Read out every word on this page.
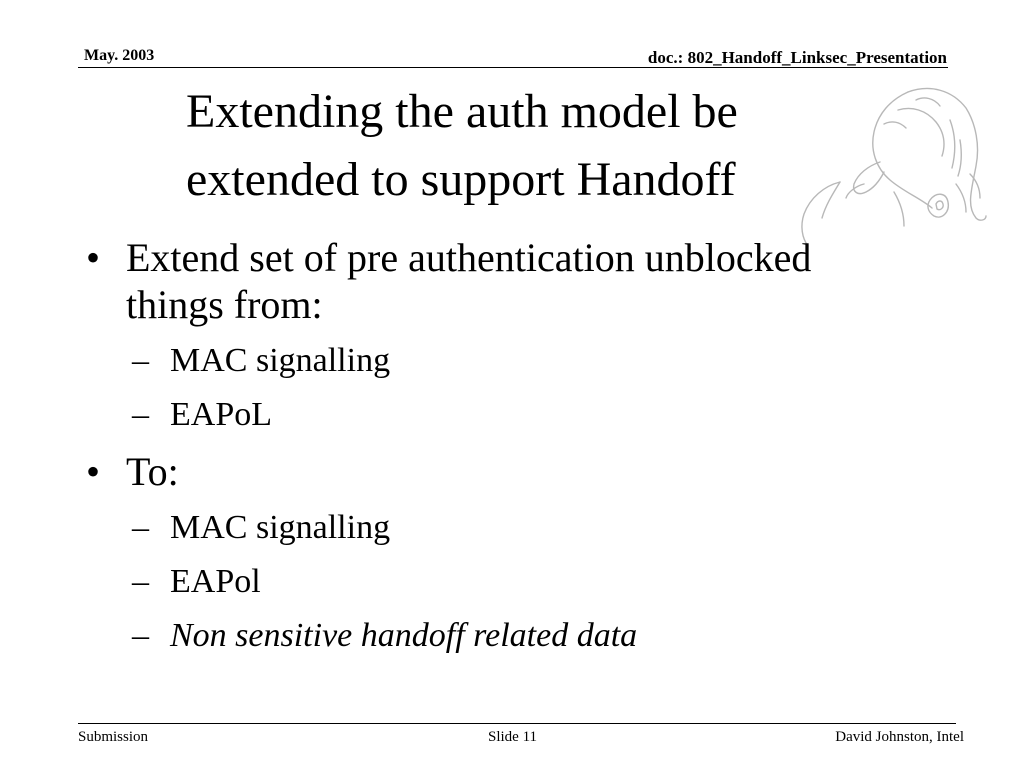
May. 2003	doc.: 802_Handoff_Linksec_Presentation
Extending the auth model be
extended to support Handoff
• Extend set of pre authentication unblocked
things from:
– MAC signalling
– EAPoL
• To:
– MAC signalling
– EAPol
– Non sensitive handoff related data
Submission	Slide 11	David Johnston, Intel
